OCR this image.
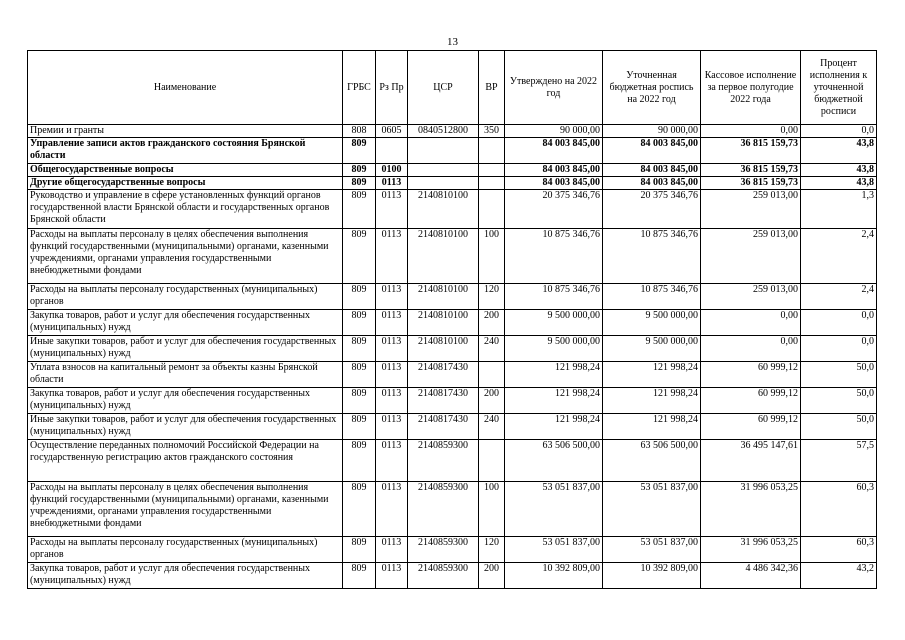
13
Наименование	ГРБС	Рз Пр	ЦСР	ВР	Утверждено на 2022 год	Уточненная бюджетная роспись на 2022 год	Кассовое исполнение за первое полугодие 2022 года	Процент исполнения к уточненной бюджетной росписи
Премии и гранты	808	0605	0840512800	350	90 000,00	90 000,00	0,00	0,0
Управление записи актов гражданского состояния Брянской области	809				84 003 845,00	84 003 845,00	36 815 159,73	43,8
Общегосударственные вопросы	809	0100			84 003 845,00	84 003 845,00	36 815 159,73	43,8
Другие общегосударственные вопросы	809	0113			84 003 845,00	84 003 845,00	36 815 159,73	43,8
Руководство и управление в сфере установленных функций органов государственной власти Брянской области и государственных органов Брянской области	809	0113	2140810100		20 375 346,76	20 375 346,76	259 013,00	1,3
Расходы на выплаты персоналу в целях обеспечения выполнения функций государственными (муниципальными) органами, казенными учреждениями, органами управления государственными внебюджетными фондами	809	0113	2140810100	100	10 875 346,76	10 875 346,76	259 013,00	2,4
Расходы на выплаты персоналу государственных (муниципальных) органов	809	0113	2140810100	120	10 875 346,76	10 875 346,76	259 013,00	2,4
Закупка товаров, работ и услуг для обеспечения государственных (муниципальных) нужд	809	0113	2140810100	200	9 500 000,00	9 500 000,00	0,00	0,0
Иные закупки товаров, работ и услуг для обеспечения государственных (муниципальных) нужд	809	0113	2140810100	240	9 500 000,00	9 500 000,00	0,00	0,0
Уплата взносов на капитальный ремонт за объекты казны Брянской области	809	0113	2140817430		121 998,24	121 998,24	60 999,12	50,0
Закупка товаров, работ и услуг для обеспечения государственных (муниципальных) нужд	809	0113	2140817430	200	121 998,24	121 998,24	60 999,12	50,0
Иные закупки товаров, работ и услуг для обеспечения государственных (муниципальных) нужд	809	0113	2140817430	240	121 998,24	121 998,24	60 999,12	50,0
Осуществление переданных полномочий Российской Федерации на государственную регистрацию актов гражданского состояния	809	0113	2140859300		63 506 500,00	63 506 500,00	36 495 147,61	57,5
Расходы на выплаты персоналу в целях обеспечения выполнения функций государственными (муниципальными) органами, казенными учреждениями, органами управления государственными внебюджетными фондами	809	0113	2140859300	100	53 051 837,00	53 051 837,00	31 996 053,25	60,3
Расходы на выплаты персоналу государственных (муниципальных) органов	809	0113	2140859300	120	53 051 837,00	53 051 837,00	31 996 053,25	60,3
Закупка товаров, работ и услуг для обеспечения государственных (муниципальных) нужд	809	0113	2140859300	200	10 392 809,00	10 392 809,00	4 486 342,36	43,2
